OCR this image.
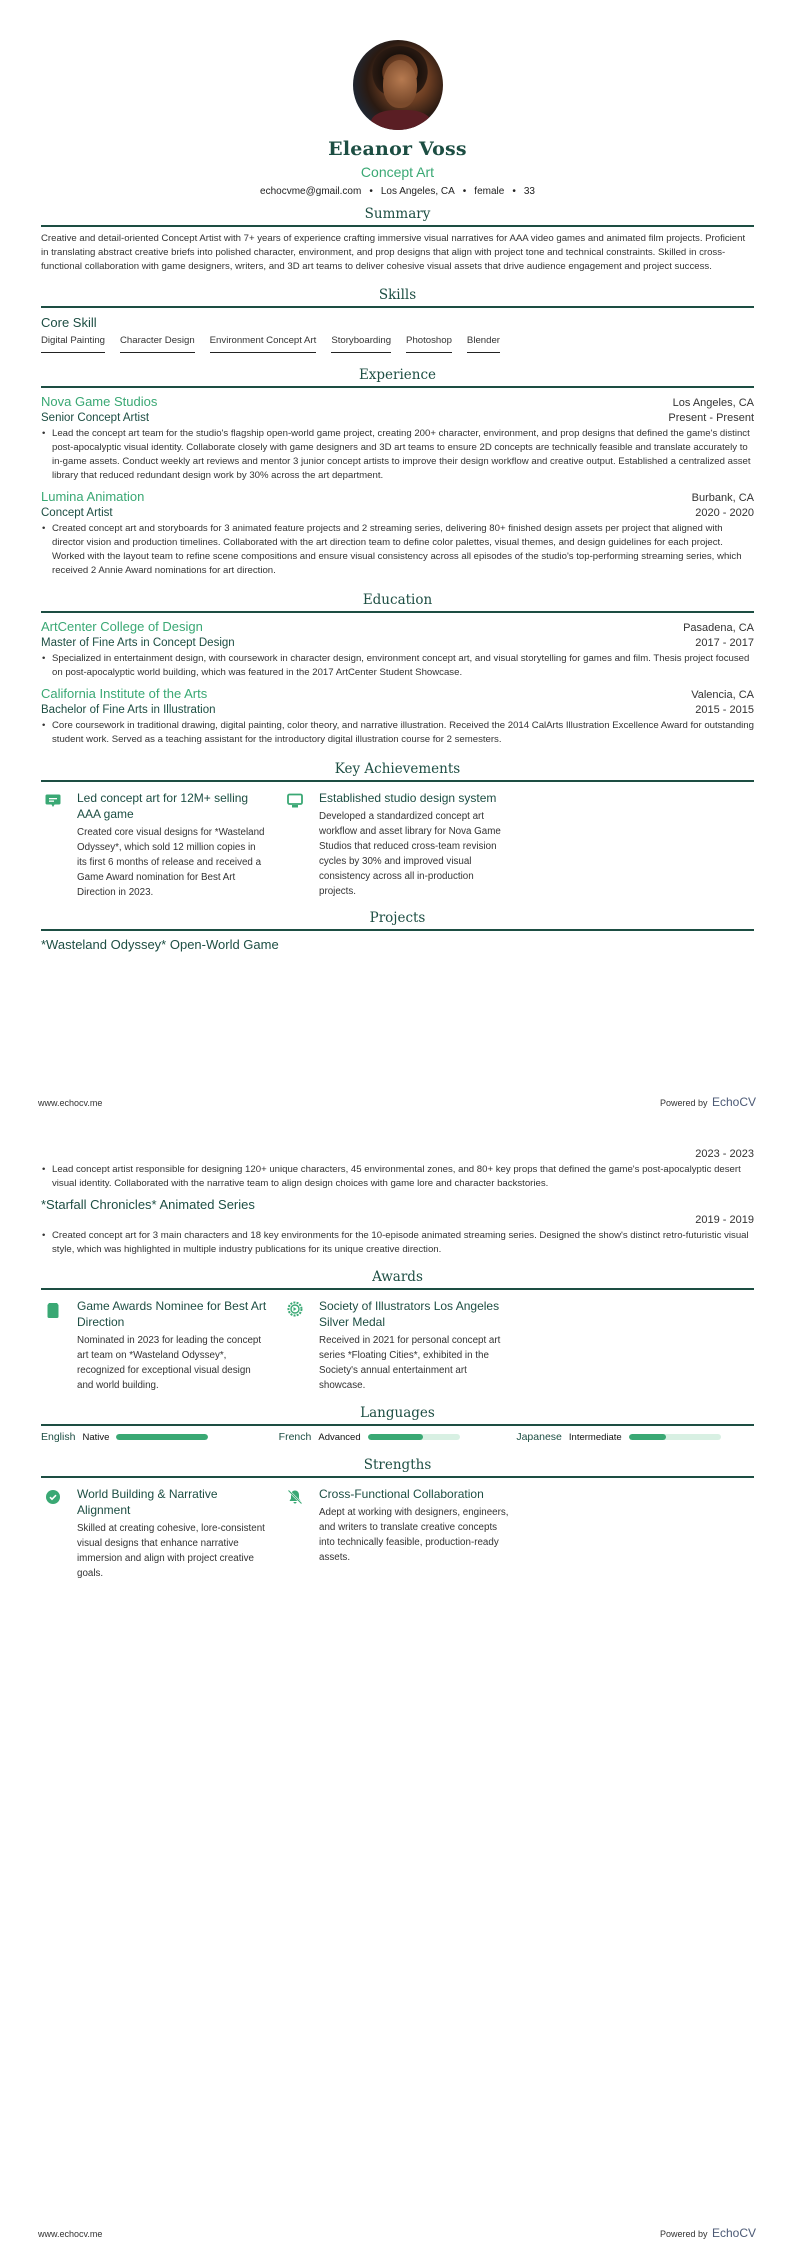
Eleanor Voss
Concept Art
echocvme@gmail.com • Los Angeles, CA • female • 33
Summary

Creative and detail-oriented Concept Artist with 7+ years of experience crafting immersive visual narratives for AAA video games and animated film projects. Proficient in translating abstract creative briefs into polished character, environment, and prop designs that align with project tone and technical constraints. Skilled in cross-functional collaboration with game designers, writers, and 3D art teams to deliver cohesive visual assets that drive audience engagement and project success.

Skills
Core Skill
Digital Painting Character Design Environment Concept Art Storyboarding Photoshop Blender
Experience
Nova Game Studios	Los Angeles, CA
Senior Concept Artist	Present - Present
• Lead the concept art team for the studio's flagship open-world game project, creating 200+ character, environment, and prop designs that defined the game's distinct post-apocalyptic visual identity. Collaborate closely with game designers and 3D art teams to ensure 2D concepts are technically feasible and translate accurately to in-game assets. Conduct weekly art reviews and mentor 3 junior concept artists to improve their design workflow and creative output. Established a centralized asset library that reduced redundant design work by 30% across the art department.
Lumina Animation	Burbank, CA
Concept Artist	2020 - 2020
• Created concept art and storyboards for 3 animated feature projects and 2 streaming series, delivering 80+ finished design assets per project that aligned with director vision and production timelines. Collaborated with the art direction team to define color palettes, visual themes, and design guidelines for each project. Worked with the layout team to refine scene compositions and ensure visual consistency across all episodes of the studio's top-performing streaming series, which received 2 Annie Award nominations for art direction.
Education
ArtCenter College of Design	Pasadena, CA
Master of Fine Arts in Concept Design	2017 - 2017
• Specialized in entertainment design, with coursework in character design, environment concept art, and visual storytelling for games and film. Thesis project focused on post-apocalyptic world building, which was featured in the 2017 ArtCenter Student Showcase.
California Institute of the Arts	Valencia, CA
Bachelor of Fine Arts in Illustration	2015 - 2015
• Core coursework in traditional drawing, digital painting, color theory, and narrative illustration. Received the 2014 CalArts Illustration Excellence Award for outstanding student work. Served as a teaching assistant for the introductory digital illustration course for 2 semesters.
Key Achievements
Led concept art for 12M+ selling AAA game
Created core visual designs for *Wasteland Odyssey*, which sold 12 million copies in its first 6 months of release and received a Game Award nomination for Best Art Direction in 2023.
Established studio design system
Developed a standardized concept art workflow and asset library for Nova Game Studios that reduced cross-team revision cycles by 30% and improved visual consistency across all in-production projects.
Projects
*Wasteland Odyssey* Open-World Game
www.echocv.me	Powered by EchoCV
2023 - 2023
• Lead concept artist responsible for designing 120+ unique characters, 45 environmental zones, and 80+ key props that defined the game's post-apocalyptic desert visual identity. Collaborated with the narrative team to align design choices with game lore and character backstories.
*Starfall Chronicles* Animated Series
2019 - 2019
• Created concept art for 3 main characters and 18 key environments for the 10-episode animated streaming series. Designed the show's distinct retro-futuristic visual style, which was highlighted in multiple industry publications for its unique creative direction.
Awards
Game Awards Nominee for Best Art Direction
Nominated in 2023 for leading the concept art team on *Wasteland Odyssey*, recognized for exceptional visual design and world building.
Society of Illustrators Los Angeles Silver Medal
Received in 2021 for personal concept art series *Floating Cities*, exhibited in the Society's annual entertainment art showcase.
Languages
English Native	French Advanced	Japanese Intermediate
Strengths
World Building & Narrative Alignment
Skilled at creating cohesive, lore-consistent visual designs that enhance narrative immersion and align with project creative goals.
Cross-Functional Collaboration
Adept at working with designers, engineers, and writers to translate creative concepts into technically feasible, production-ready assets.
www.echocv.me	Powered by EchoCV
